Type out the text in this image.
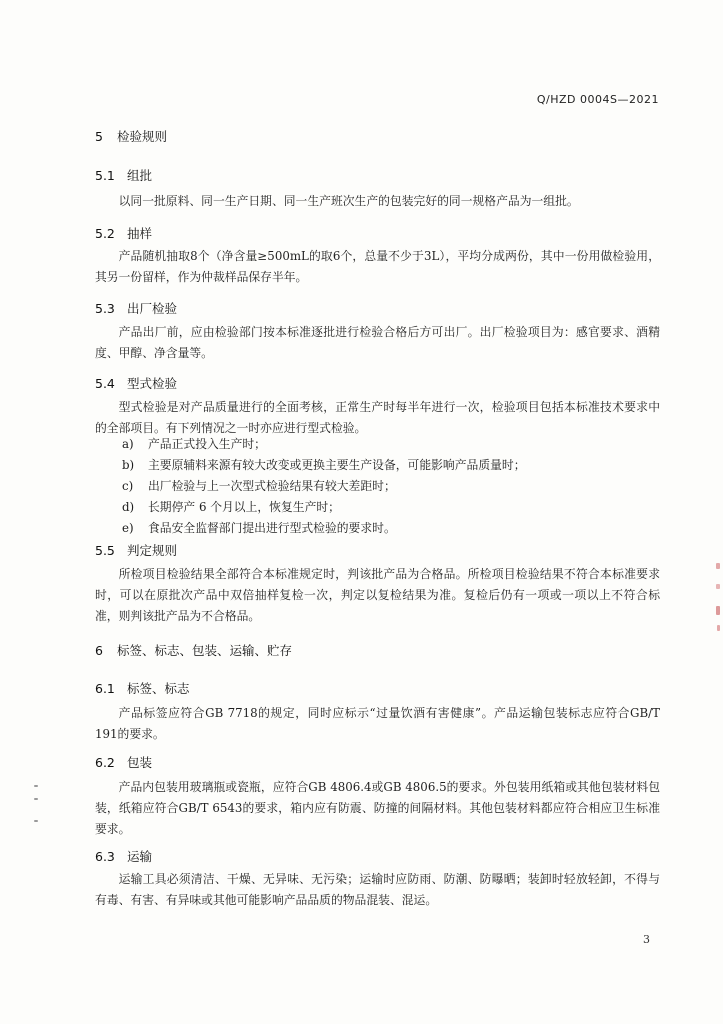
Q/HZD 0004S—2021
5 检验规则
5.1 组批
以同一批原料、同一生产日期、同一生产班次生产的包装完好的同一规格产品为一组批。
5.2 抽样
产品随机抽取8个（净含量≥500mL的取6个，总量不少于3L），平均分成两份，其中一份用做检验用，其另一份留样，作为仲裁样品保存半年。
5.3 出厂检验
产品出厂前，应由检验部门按本标准逐批进行检验合格后方可出厂。出厂检验项目为：感官要求、酒精度、甲醇、净含量等。
5.4 型式检验
型式检验是对产品质量进行的全面考核，正常生产时每半年进行一次，检验项目包括本标准技术要求中的全部项目。有下列情况之一时亦应进行型式检验。
a) 产品正式投入生产时；
b) 主要原辅料来源有较大改变或更换主要生产设备，可能影响产品质量时；
c) 出厂检验与上一次型式检验结果有较大差距时；
d) 长期停产 6 个月以上，恢复生产时；
e) 食品安全监督部门提出进行型式检验的要求时。
5.5 判定规则
所检项目检验结果全部符合本标准规定时，判该批产品为合格品。所检项目检验结果不符合本标准要求时，可以在原批次产品中双倍抽样复检一次，判定以复检结果为准。复检后仍有一项或一项以上不符合标准，则判该批产品为不合格品。
6 标签、标志、包装、运输、贮存
6.1 标签、标志
产品标签应符合GB 7718的规定，同时应标示“过量饮酒有害健康”。产品运输包装标志应符合GB/T 191的要求。
6.2 包装
产品内包装用玻璃瓶或瓷瓶，应符合GB 4806.4或GB 4806.5的要求。外包装用纸箱或其他包装材料包装，纸箱应符合GB/T 6543的要求，箱内应有防震、防撞的间隔材料。其他包装材料都应符合相应卫生标准要求。
6.3 运输
运输工具必须清洁、干燥、无异味、无污染；运输时应防雨、防潮、防曝晒；装卸时轻放轻卸，不得与有毒、有害、有异味或其他可能影响产品品质的物品混装、混运。
3
